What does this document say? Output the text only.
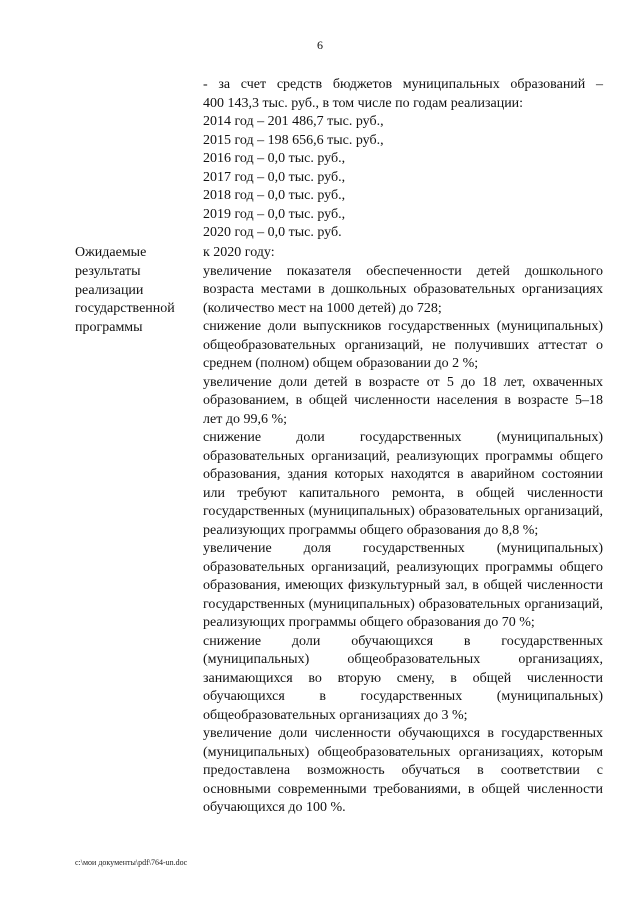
6
- за счет средств бюджетов муниципальных образований –
400 143,3 тыс. руб., в том числе по годам реализации:
2014 год – 201 486,7 тыс. руб.,
2015 год – 198 656,6 тыс. руб.,
2016 год – 0,0 тыс. руб.,
2017 год – 0,0 тыс. руб.,
2018 год – 0,0 тыс. руб.,
2019 год – 0,0 тыс. руб.,
2020 год – 0,0 тыс. руб.
Ожидаемые
результаты
реализации
государственной
программы
к 2020 году:
увеличение показателя обеспеченности детей дошкольного возраста местами в дошкольных образовательных организациях (количество мест на 1000 детей) до 728;
снижение доли выпускников государственных (муниципальных) общеобразовательных организаций, не получивших аттестат о среднем (полном) общем образовании до 2 %;
увеличение доли детей в возрасте от 5 до 18 лет, охваченных образованием, в общей численности населения в возрасте 5–18 лет до 99,6 %;
снижение доли государственных (муниципальных) образовательных организаций, реализующих программы общего образования, здания которых находятся в аварийном состоянии или требуют капитального ремонта, в общей численности государственных (муниципальных) образовательных организаций, реализующих программы общего образования до 8,8 %;
увеличение доля государственных (муниципальных) образовательных организаций, реализующих программы общего образования, имеющих физкультурный зал, в общей численности государственных (муниципальных) образовательных организаций, реализующих программы общего образования до 70 %;
снижение доли обучающихся в государственных (муниципальных) общеобразовательных организациях, занимающихся во вторую смену, в общей численности обучающихся в государственных (муниципальных) общеобразовательных организациях до 3 %;
увеличение доли численности обучающихся в государственных (муниципальных) общеобразовательных организациях, которым предоставлена возможность обучаться в соответствии с основными современными требованиями, в общей численности обучающихся до 100 %.
c:\мои документы\pdf\764-un.doc
